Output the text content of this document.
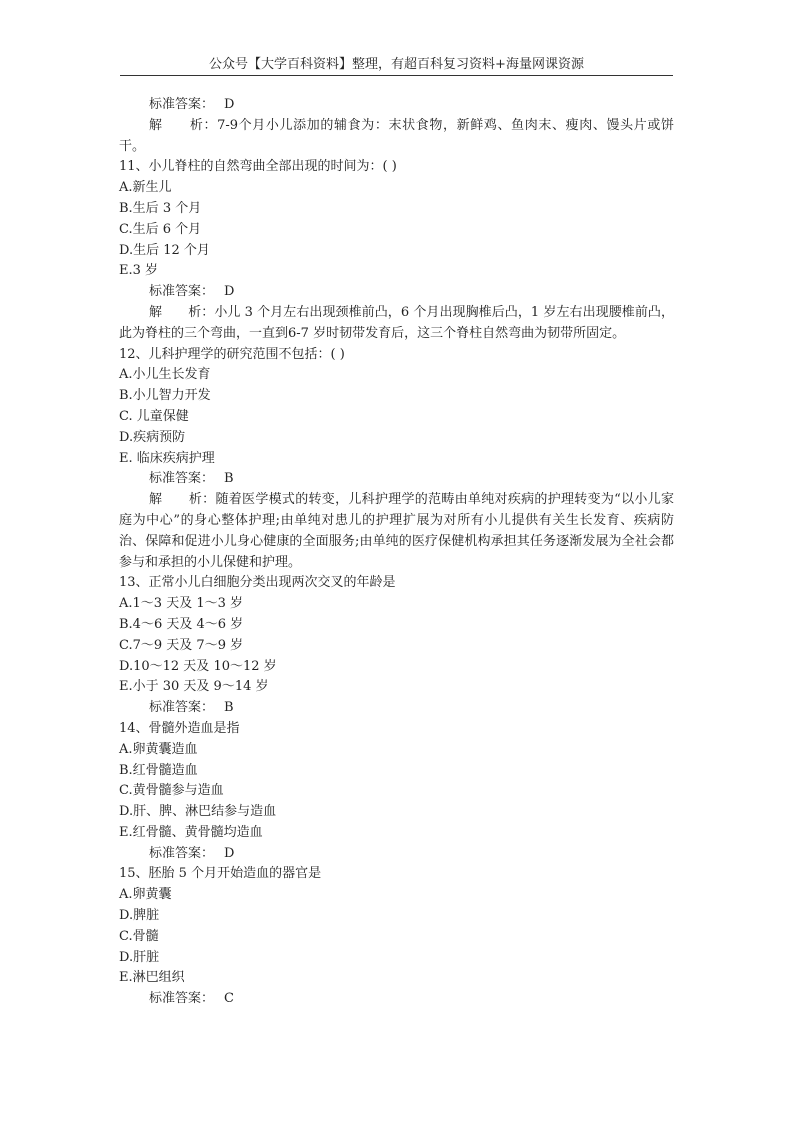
公众号【大学百科资料】整理，有超百科复习资料+海量网课资源
标准答案： D
解　　析：7-9个月小儿添加的辅食为：末状食物，新鲜鸡、鱼肉末、瘦肉、馒头片或饼干。
11、小儿脊柱的自然弯曲全部出现的时间为：( )
A.新生儿
B.生后 3 个月
C.生后 6 个月
D.生后 12 个月
E.3 岁
标准答案： D
解　　析：小儿 3 个月左右出现颈椎前凸，6 个月出现胸椎后凸，1 岁左右出现腰椎前凸，此为脊柱的三个弯曲，一直到6-7 岁时韧带发育后，这三个脊柱自然弯曲为韧带所固定。
12、儿科护理学的研究范围不包括：( )
A.小儿生长发育
B.小儿智力开发
C. 儿童保健
D.疾病预防
E. 临床疾病护理
标准答案： B
解　　析：随着医学模式的转变，儿科护理学的范畴由单纯对疾病的护理转变为“以小儿家庭为中心”的身心整体护理;由单纯对患儿的护理扩展为对所有小儿提供有关生长发育、疾病防治、保障和促进小儿身心健康的全面服务;由单纯的医疗保健机构承担其任务逐渐发展为全社会都参与和承担的小儿保健和护理。
13、正常小儿白细胞分类出现两次交叉的年龄是
A.1～3 天及 1～3 岁
B.4～6 天及 4～6 岁
C.7～9 天及 7～9 岁
D.10～12 天及 10～12 岁
E.小于 30 天及 9～14 岁
标准答案： B
14、骨髓外造血是指
A.卵黄囊造血
B.红骨髓造血
C.黄骨髓参与造血
D.肝、脾、淋巴结参与造血
E.红骨髓、黄骨髓均造血
标准答案： D
15、胚胎 5 个月开始造血的器官是
A.卵黄囊
D.脾脏
C.骨髓
D.肝脏
E.淋巴组织
标准答案： C
